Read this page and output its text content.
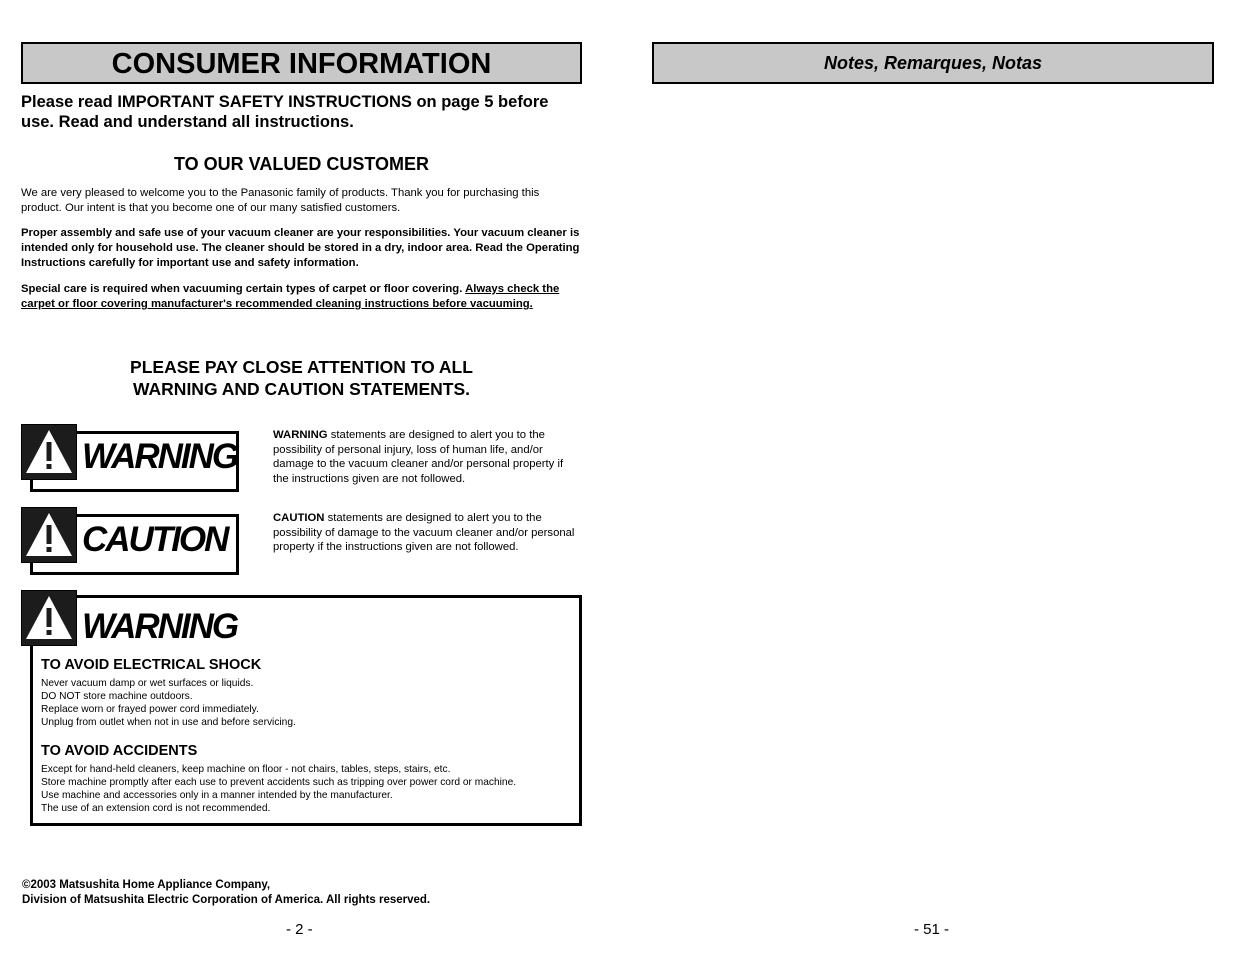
CONSUMER INFORMATION
Please read IMPORTANT SAFETY INSTRUCTIONS on page 5 before use. Read and understand all instructions.
TO OUR VALUED CUSTOMER
We are very pleased to welcome you to the Panasonic family of products. Thank you for purchasing this product. Our intent is that you become one of our many satisfied customers.
Proper assembly and safe use of your vacuum cleaner are your responsibilities. Your vacuum cleaner is intended only for household use. The cleaner should be stored in a dry, indoor area. Read the Operating Instructions carefully for important use and safety information.
Special care is required when vacuuming certain types of carpet or floor covering. Always check the carpet or floor covering manufacturer's recommended cleaning instructions before vacuuming.
PLEASE PAY CLOSE ATTENTION TO ALL
WARNING AND CAUTION STATEMENTS.
WARNING
WARNING statements are designed to alert you to the possibility of personal injury, loss of human life, and/or damage to the vacuum cleaner and/or personal property if the instructions given are not followed.
CAUTION
CAUTION statements are designed to alert you to the possibility of damage to the vacuum cleaner and/or personal property if the instructions given are not followed.
WARNING
TO AVOID ELECTRICAL SHOCK
Never vacuum damp or wet surfaces or liquids.
DO NOT store machine outdoors.
Replace worn or frayed power cord immediately.
Unplug from outlet when not in use and before servicing.
TO AVOID ACCIDENTS
Except for hand-held cleaners, keep machine on floor - not chairs, tables, steps, stairs, etc.
Store machine promptly after each use to prevent accidents such as tripping over power cord or machine.
Use machine and accessories only in a manner intended by the manufacturer.
The use of an extension cord is not recommended.
©2003 Matsushita Home Appliance Company,
Division of Matsushita Electric Corporation of America. All rights reserved.
- 2 -
Notes, Remarques, Notas
- 51 -
